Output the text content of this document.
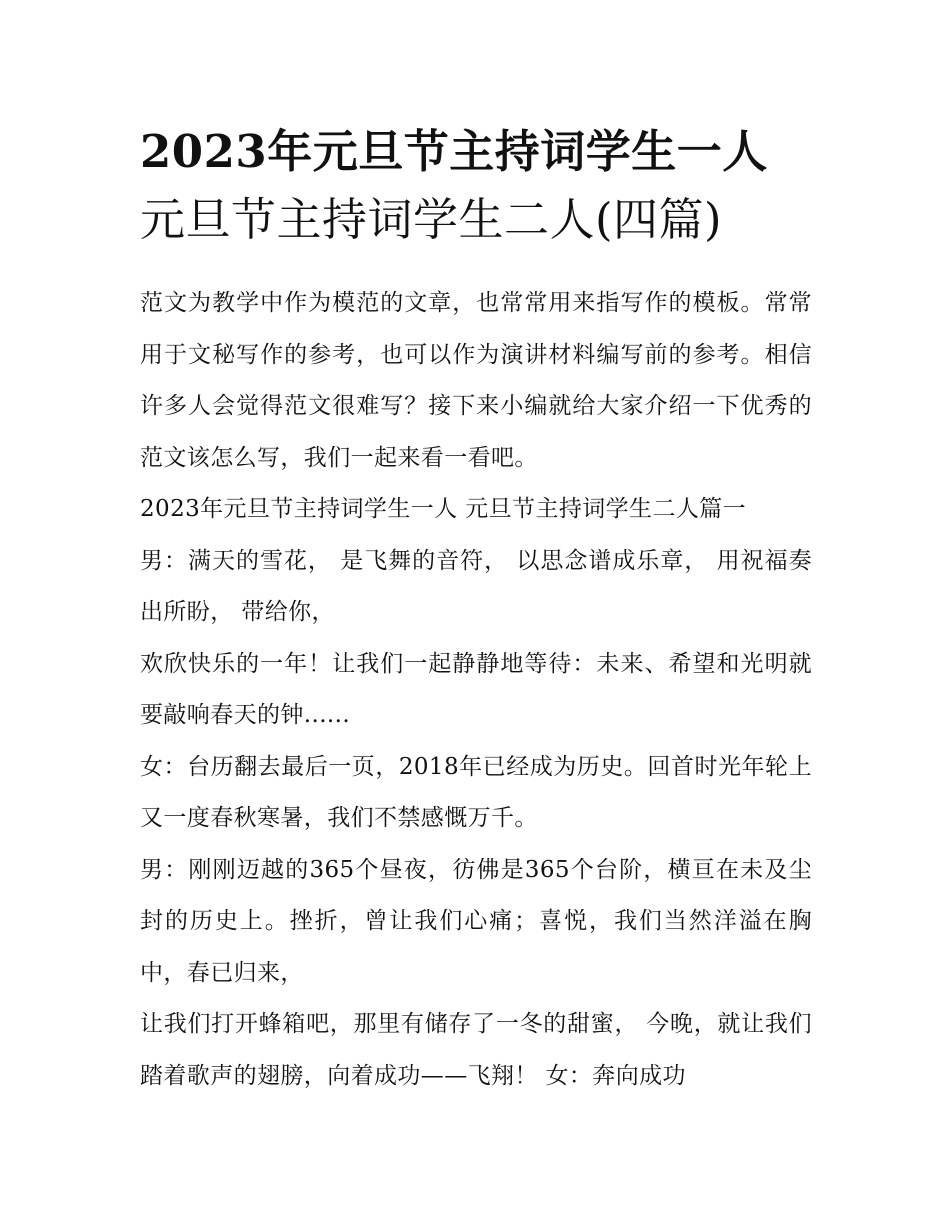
2023年元旦节主持词学生一人
元旦节主持词学生二人(四篇)

范文为教学中作为模范的文章，也常常用来指写作的模板。常常用于文秘写作的参考，也可以作为演讲材料编写前的参考。相信许多人会觉得范文很难写？接下来小编就给大家介绍一下优秀的范文该怎么写，我们一起来看一看吧。

2023年元旦节主持词学生一人 元旦节主持词学生二人篇一

男：满天的雪花， 是飞舞的音符， 以思念谱成乐章， 用祝福奏出所盼， 带给你，

欢欣快乐的一年！让我们一起静静地等待：未来、希望和光明就要敲响春天的钟......

女：台历翻去最后一页，2018年已经成为历史。回首时光年轮上又一度春秋寒暑，我们不禁感慨万千。

男：刚刚迈越的365个昼夜，彷佛是365个台阶，横亘在未及尘封的历史上。挫折，曾让我们心痛；喜悦，我们当然洋溢在胸中，春已归来，

让我们打开蜂箱吧，那里有储存了一冬的甜蜜， 今晚，就让我们踏着歌声的翅膀，向着成功——飞翔！ 女：奔向成功
